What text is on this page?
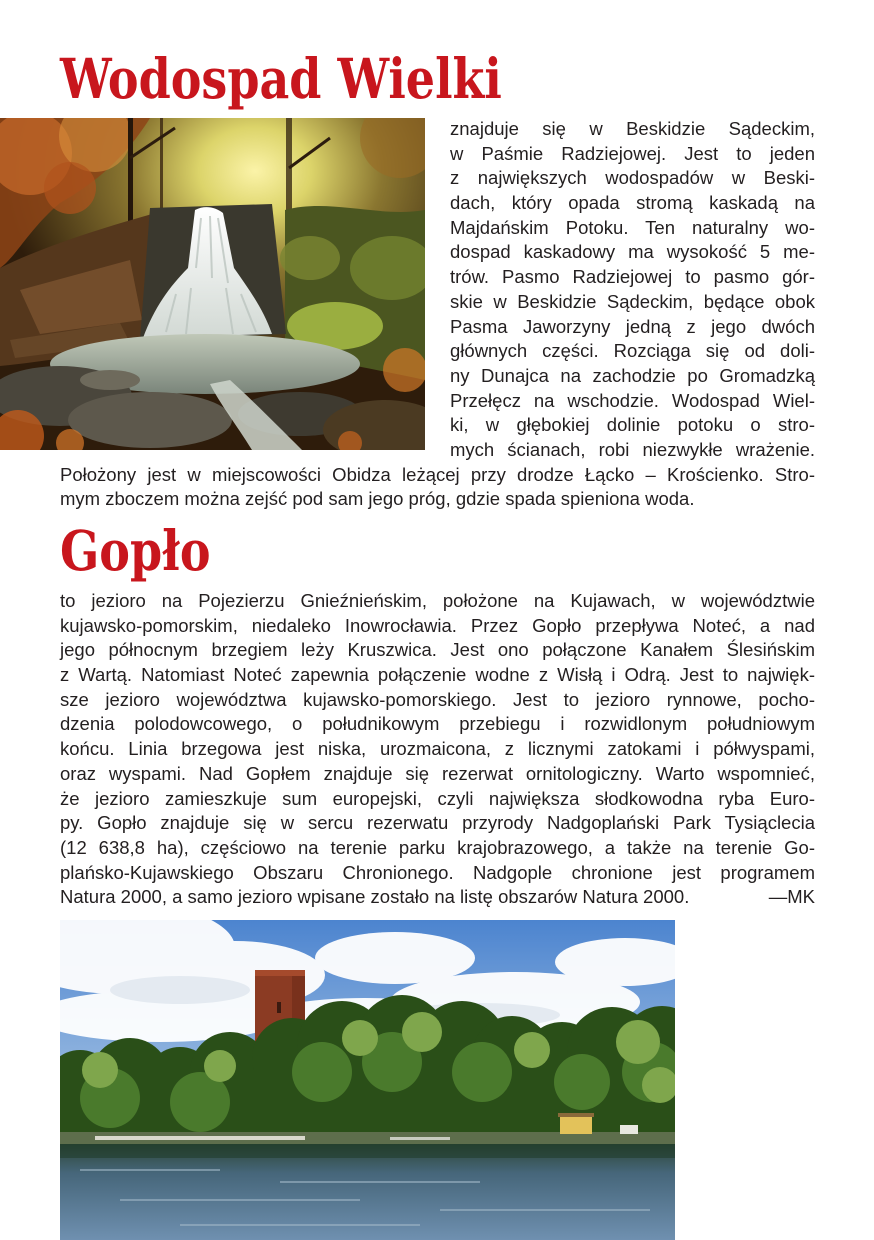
Wodospad Wielki
znajduje się w Beskidzie Sądeckim,
w Paśmie Radziejowej. Jest to jeden
z największych wodospadów w Beski-
dach, który opada stromą kaskadą na
Majdańskim Potoku. Ten naturalny wo-
dospad kaskadowy ma wysokość 5 me-
trów. Pasmo Radziejowej to pasmo gór-
skie w Beskidzie Sądeckim, będące obok
Pasma Jaworzyny jedną z jego dwóch
głównych części. Rozciąga się od doli-
ny Dunajca na zachodzie po Gromadzką
Przełęcz na wschodzie. Wodospad Wiel-
ki, w głębokiej dolinie potoku o stro-
mych ścianach, robi niezwykłe wrażenie.
Położony jest w miejscowości Obidza leżącej przy drodze Łącko – Krościenko. Stro-
mym zboczem można zejść pod sam jego próg, gdzie spada spieniona woda.
Gopło
to jezioro na Pojezierzu Gnieźnieńskim, położone na Kujawach, w województwie
kujawsko-pomorskim, niedaleko Inowrocławia. Przez Gopło przepływa Noteć, a nad
jego północnym brzegiem leży Kruszwica. Jest ono połączone Kanałem Ślesińskim
z Wartą. Natomiast Noteć zapewnia połączenie wodne z Wisłą i Odrą. Jest to najwięk-
sze jezioro województwa kujawsko-pomorskiego. Jest to jezioro rynnowe, pocho-
dzenia polodowcowego, o południkowym przebiegu i rozwidlonym południowym
końcu. Linia brzegowa jest niska, urozmaicona, z licznymi zatokami i półwyspami,
oraz wyspami. Nad Gopłem znajduje się rezerwat ornitologiczny. Warto wspomnieć,
że jezioro zamieszkuje sum europejski, czyli największa słodkowodna ryba Euro-
py. Gopło znajduje się w sercu rezerwatu przyrody Nadgoplański Park Tysiąclecia
(12 638,8 ha), częściowo na terenie parku krajobrazowego, a także na terenie Go-
plańsko-Kujawskiego Obszaru Chronionego. Nadgople chronione jest programem
Natura 2000, a samo jezioro wpisane zostało na listę obszarów Natura 2000.	—MK
